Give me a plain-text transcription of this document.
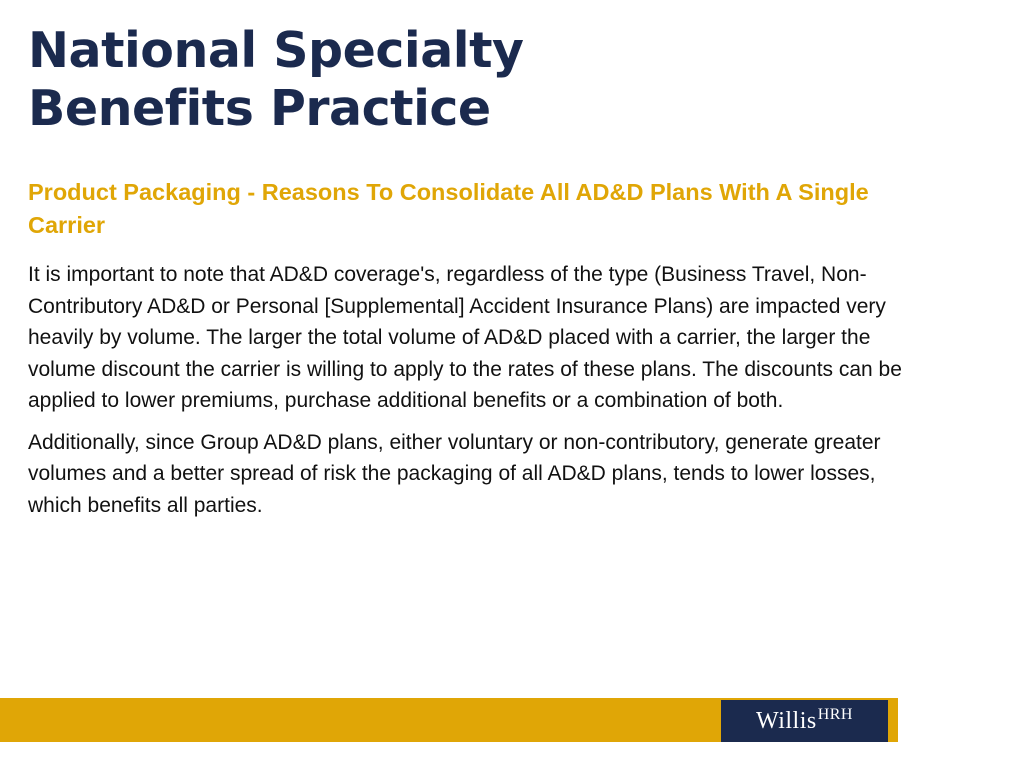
National Specialty
Benefits Practice
Product Packaging - Reasons To Consolidate All AD&D Plans With A Single Carrier

It is important to note that AD&D coverage's, regardless of the type (Business Travel, Non-Contributory AD&D or Personal [Supplemental] Accident Insurance Plans) are impacted very heavily by volume. The larger the total volume of AD&D placed with a carrier, the larger the volume discount the carrier is willing to apply to the rates of these plans. The discounts can be applied to lower premiums, purchase additional benefits or a combination of both.

Additionally, since Group AD&D plans, either voluntary or non-contributory, generate greater volumes and a better spread of risk the packaging of all AD&D plans, tends to lower losses, which benefits all parties.

Willis HRH
